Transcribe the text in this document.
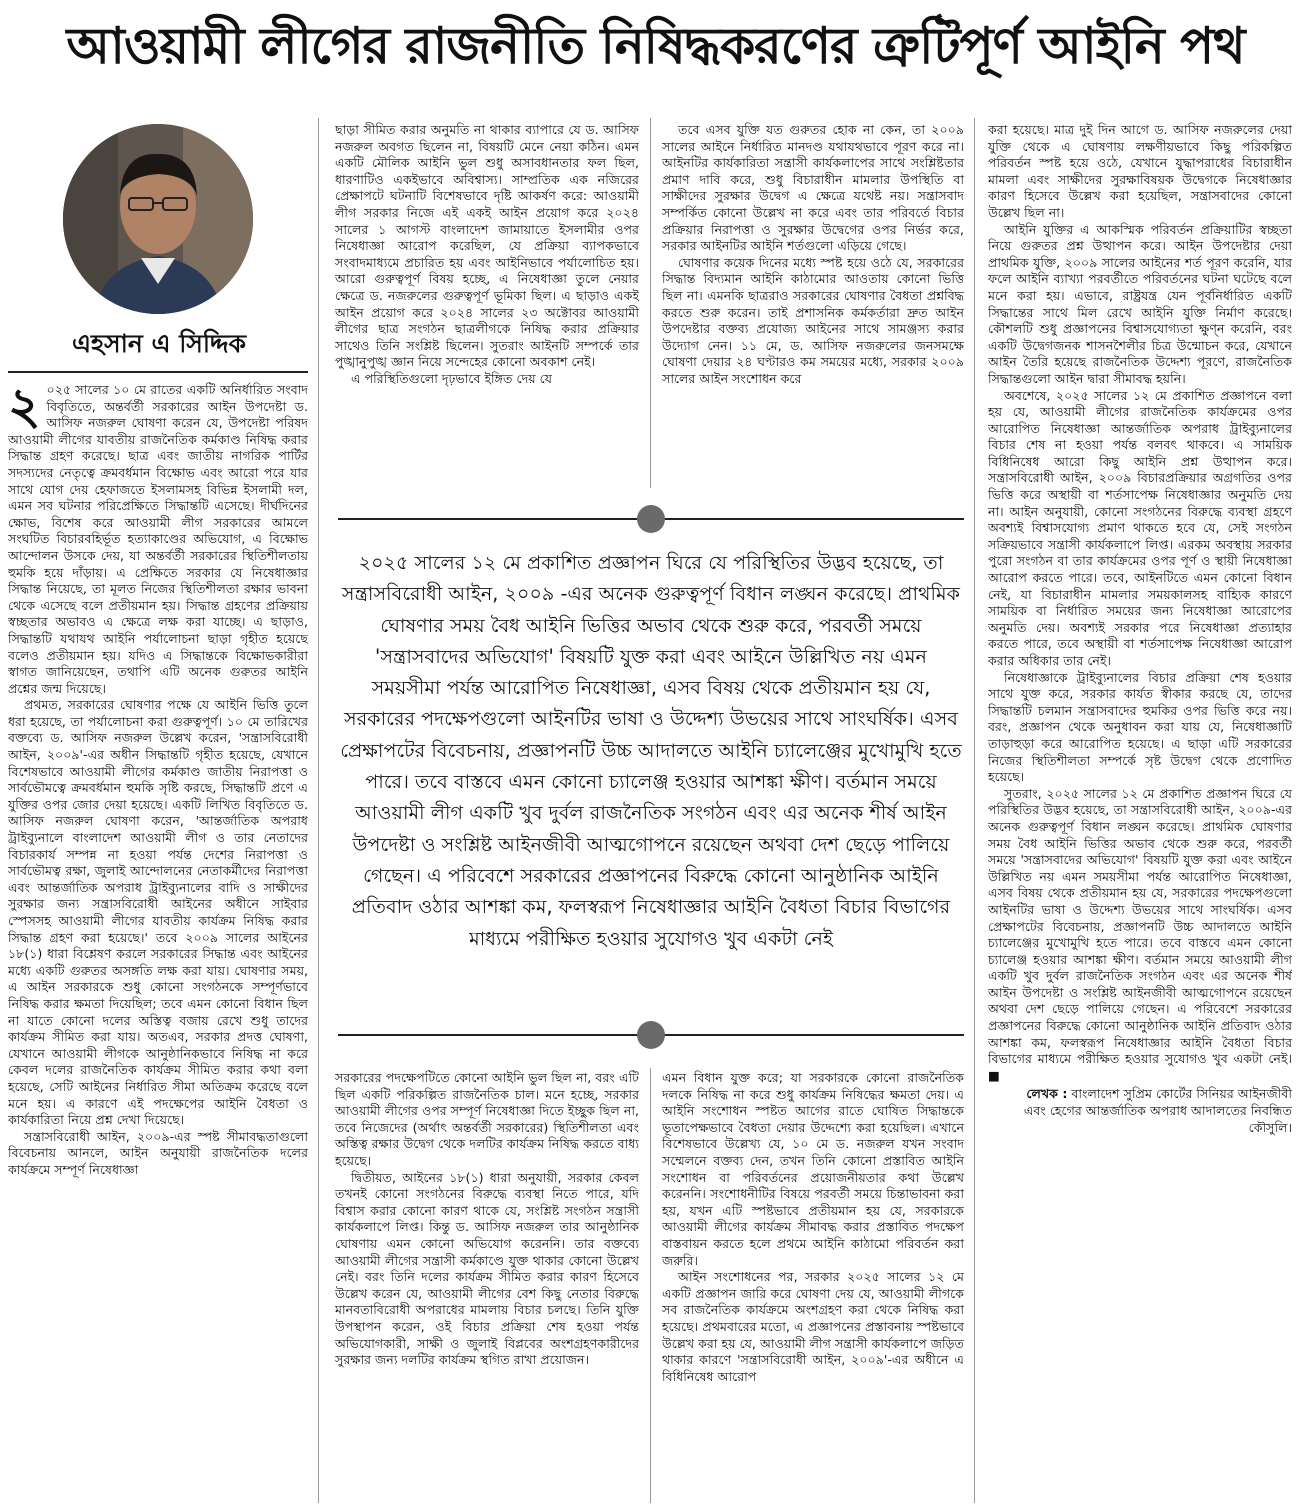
আওয়ামী লীগের রাজনীতি নিষিদ্ধকরণের ত্রুটিপূর্ণ আইনি পথ
এহসান এ সিদ্দিক

২ ০২৫ সালের ১০ মে রাতের একটি অনির্ধারিত সংবাদ বিবৃতিতে, অন্তর্বর্তী সরকারের আইন উপদেষ্টা ড. আসিফ নজরুল ঘোষণা করেন যে, উপদেষ্টা পরিষদ আওয়ামী লীগের যাবতীয় রাজনৈতিক কর্মকাণ্ড নিষিদ্ধ করার সিদ্ধান্ত গ্রহণ করেছে। ছাত্র এবং জাতীয় নাগরিক পার্টির সদস্যদের নেতৃত্বে ক্রমবর্ধমান বিক্ষোভ এবং আরো পরে যার সাথে যোগ দেয় হেফাজতে ইসলামসহ বিভিন্ন ইসলামী দল, এমন সব ঘটনার পরিপ্রেক্ষিতে সিদ্ধান্তটি এসেছে। দীর্ঘদিনের ক্ষোভ, বিশেষ করে আওয়ামী লীগ সরকারের আমলে সংঘটিত বিচারবহির্ভূত হত্যাকাণ্ডের অভিযোগ, এ বিক্ষোভ আন্দোলন উসকে দেয়, যা অন্তর্বর্তী সরকারের স্থিতিশীলতায় হুমকি হয়ে দাঁড়ায়। এ প্রেক্ষিতে সরকার যে নিষেধাজ্ঞার সিদ্ধান্ত নিয়েছে, তা মূলত নিজের স্থিতিশীলতা রক্ষার ভাবনা থেকে এসেছে বলে প্রতীয়মান হয়। সিদ্ধান্ত গ্রহণের প্রক্রিয়ায় স্বচ্ছতার অভাবও এ ক্ষেত্রে লক্ষ করা যাচ্ছে। এ ছাড়াও, সিদ্ধান্তটি যথাযথ আইনি পর্যালোচনা ছাড়া গৃহীত হয়েছে বলেও প্রতীয়মান হয়। যদিও এ সিদ্ধান্তকে বিক্ষোভকারীরা স্বাগত জানিয়েছেন, তথাপি এটি অনেক গুরুতর আইনি প্রশ্নের জন্ম দিয়েছে।

প্রথমত, সরকারের ঘোষণার পক্ষে যে আইনি ভিত্তি তুলে ধরা হয়েছে, তা পর্যালোচনা করা গুরুত্বপূর্ণ। ১০ মে তারিখের বক্তব্যে ড. আসিফ নজরুল উল্লেখ করেন, 'সন্ত্রাসবিরোধী আইন, ২০০৯'-এর অধীন সিদ্ধান্তটি গৃহীত হয়েছে, যেখানে বিশেষভাবে আওয়ামী লীগের কর্মকাণ্ড জাতীয় নিরাপত্তা ও সার্বভৌমত্বে ক্রমবর্ধমান হুমকি সৃষ্টি করছে, সিদ্ধান্তটি প্রণে এ যুক্তির ওপর জোর দেয়া হয়েছে। একটি লিখিত বিবৃতিতে ড. আসিফ নজরুল ঘোষণা করেন, 'আন্তর্জাতিক অপরাধ ট্রাইব্যুনালে বাংলাদেশ আওয়ামী লীগ ও তার নেতাদের বিচারকার্য সম্পন্ন না হওয়া পর্যন্ত দেশের নিরাপত্তা ও সার্বভৌমত্ব রক্ষা, জুলাই আন্দোলনের নেতাকর্মীদের নিরাপত্তা এবং আন্তর্জাতিক অপরাধ ট্রাইব্যুনালের বাদি ও সাক্ষীদের সুরক্ষার জন্য সন্ত্রাসবিরোধী আইনের অধীনে সাইবার স্পেসসহ আওয়ামী লীগের যাবতীয় কার্যক্রম নিষিদ্ধ করার সিদ্ধান্ত গ্রহণ করা হয়েছে।' তবে ২০০৯ সালের আইনের ১৮(১) ধারা বিশ্লেষণ করলে সরকারের সিদ্ধান্ত এবং আইনের মধ্যে একটি গুরুতর অসঙ্গতি লক্ষ করা যায়। ঘোষণার সময়, এ আইন সরকারকে শুধু কোনো সংগঠনকে সম্পূর্ণভাবে নিষিদ্ধ করার ক্ষমতা দিয়েছিল; তবে এমন কোনো বিধান ছিল না যাতে কোনো দলের অস্তিত্ব বজায় রেখে শুধু তাদের কার্যক্রম সীমিত করা যায়। অতএব, সরকার প্রদত্ত ঘোষণা, যেখানে আওয়ামী লীগকে আনুষ্ঠানিকভাবে নিষিদ্ধ না করে কেবল দলের রাজনৈতিক কার্যক্রম সীমিত করার কথা বলা হয়েছে, সেটি আইনের নির্ধারিত সীমা অতিক্রম করেছে বলে মনে হয়। এ কারণে এই পদক্ষেপের আইনি বৈধতা ও কার্যকারিতা নিয়ে প্রশ্ন দেখা দিয়েছে।

সন্ত্রাসবিরোধী আইন, ২০০৯-এর স্পষ্ট সীমাবদ্ধতাগুলো বিবেচনায় আনলে, আইন অনুযায়ী রাজনৈতিক দলের কার্যক্রমে সম্পূর্ণ নিষেধাজ্ঞা

ছাড়া সীমিত করার অনুমতি না থাকার ব্যাপারে যে ড. আসিফ নজরুল অবগত ছিলেন না, বিষয়টি মেনে নেয়া কঠিন। এমন একটি মৌলিক আইনি ভুল শুধু অসাবধানতার ফল ছিল, ধারণাটিও একইভাবে অবিশ্বাস্য। সাম্প্রতিক এক নজিরের প্রেক্ষাপটে ঘটনাটি বিশেষভাবে দৃষ্টি আকর্ষণ করে: আওয়ামী লীগ সরকার নিজে এই একই আইন প্রয়োগ করে ২০২৪ সালের ১ আগস্ট বাংলাদেশ জামায়াতে ইসলামীর ওপর নিষেধাজ্ঞা আরোপ করেছিল, যে প্রক্রিয়া ব্যাপকভাবে সংবাদমাধ্যমে প্রচারিত হয় এবং আইনিভাবে পর্যালোচিত হয়। আরো গুরুত্বপূর্ণ বিষয় হচ্ছে, এ নিষেধাজ্ঞা তুলে নেয়ার ক্ষেত্রে ড. নজরুলের গুরুত্বপূর্ণ ভূমিকা ছিল। এ ছাড়াও একই আইন প্রয়োগ করে ২০২৪ সালের ২৩ অক্টোবর আওয়ামী লীগের ছাত্র সংগঠন ছাত্রলীগকে নিষিদ্ধ করার প্রক্রিয়ার সাথেও তিনি সংশ্লিষ্ট ছিলেন। সুতরাং আইনটি সম্পর্কে তার পুঙ্খানুপুঙ্খ জ্ঞান নিয়ে সন্দেহের কোনো অবকাশ নেই।

এ পরিস্থিতিগুলো দৃঢ়ভাবে ইঙ্গিত দেয় যে

তবে এসব যুক্তি যত গুরুতর হোক না কেন, তা ২০০৯ সালের আইনে নির্ধারিত মানদণ্ড যথাযথভাবে পূরণ করে না। আইনটির কার্যকারিতা সন্ত্রাসী কার্যকলাপের সাথে সংশ্লিষ্টতার প্রমাণ দাবি করে, শুধু বিচারাধীন মামলার উপস্থিতি বা সাক্ষীদের সুরক্ষার উদ্বেগ এ ক্ষেত্রে যথেষ্ট নয়। সন্ত্রাসবাদ সম্পর্কিত কোনো উল্লেখ না করে এবং তার পরিবর্তে বিচার প্রক্রিয়ার নিরাপত্তা ও সুরক্ষার উদ্বেগের ওপর নির্ভর করে, সরকার আইনটির আইনি শর্তগুলো এড়িয়ে গেছে।

ঘোষণার কয়েক দিনের মধ্যে স্পষ্ট হয়ে ওঠে যে, সরকারের সিদ্ধান্ত বিদ্যমান আইনি কাঠামোর আওতায় কোনো ভিত্তি ছিল না। এমনকি ছাত্ররাও সরকারের ঘোষণার বৈধতা প্রশ্নবিদ্ধ করতে শুরু করেন। তাই প্রশাসনিক কর্মকর্তারা দ্রুত আইন উপদেষ্টার বক্তব্য প্রযোজ্য আইনের সাথে সামঞ্জস্য করার উদ্যোগ নেন। ১১ মে, ড. আসিফ নজরুলের জনসমক্ষে ঘোষণা দেয়ার ২৪ ঘণ্টারও কম সময়ের মধ্যে, সরকার ২০০৯ সালের আইন সংশোধন করে

২০২৫ সালের ১২ মে প্রকাশিত প্রজ্ঞাপন ঘিরে যে পরিস্থিতির উদ্ভব হয়েছে, তা সন্ত্রাসবিরোধী আইন, ২০০৯ -এর অনেক গুরুত্বপূর্ণ বিধান লঙ্ঘন করেছে। প্রাথমিক ঘোষণার সময় বৈধ আইনি ভিত্তির অভাব থেকে শুরু করে, পরবর্তী সময়ে 'সন্ত্রাসবাদের অভিযোগ' বিষয়টি যুক্ত করা এবং আইনে উল্লিখিত নয় এমন সময়সীমা পর্যন্ত আরোপিত নিষেধাজ্ঞা, এসব বিষয় থেকে প্রতীয়মান হয় যে, সরকারের পদক্ষেপগুলো আইনটির ভাষা ও উদ্দেশ্য উভয়ের সাথে সাংঘর্ষিক। এসব প্রেক্ষাপটের বিবেচনায়, প্রজ্ঞাপনটি উচ্চ আদালতে আইনি চ্যালেঞ্জের মুখোমুখি হতে পারে। তবে বাস্তবে এমন কোনো চ্যালেঞ্জ হওয়ার আশঙ্কা ক্ষীণ। বর্তমান সময়ে আওয়ামী লীগ একটি খুব দুর্বল রাজনৈতিক সংগঠন এবং এর অনেক শীর্ষ আইন উপদেষ্টা ও সংশ্লিষ্ট আইনজীবী আত্মগোপনে রয়েছেন অথবা দেশ ছেড়ে পালিয়ে গেছেন। এ পরিবেশে সরকারের প্রজ্ঞাপনের বিরুদ্ধে কোনো আনুষ্ঠানিক আইনি প্রতিবাদ ওঠার আশঙ্কা কম, ফলস্বরূপ নিষেধাজ্ঞার আইনি বৈধতা বিচার বিভাগের মাধ্যমে পরীক্ষিত হওয়ার সুযোগও খুব একটা নেই

সরকারের পদক্ষেপটিতে কোনো আইনি ভুল ছিল না, বরং এটি ছিল একটি পরিকল্পিত রাজনৈতিক চাল। মনে হচ্ছে, সরকার আওয়ামী লীগের ওপর সম্পূর্ণ নিষেধাজ্ঞা দিতে ইচ্ছুক ছিল না, তবে নিজেদের (অর্থাৎ অন্তর্বর্তী সরকারের) স্থিতিশীলতা এবং অস্তিত্ব রক্ষার উদ্বেগ থেকে দলটির কার্যক্রম নিষিদ্ধ করতে বাধ্য হয়েছে।

দ্বিতীয়ত, আইনের ১৮(১) ধারা অনুযায়ী, সরকার কেবল তখনই কোনো সংগঠনের বিরুদ্ধে ব্যবস্থা নিতে পারে, যদি বিশ্বাস করার কোনো কারণ থাকে যে, সংশ্লিষ্ট সংগঠন সন্ত্রাসী কার্যকলাপে লিপ্ত। কিন্তু ড. আসিফ নজরুল তার আনুষ্ঠানিক ঘোষণায় এমন কোনো অভিযোগ করেননি। তার বক্তব্যে আওয়ামী লীগের সন্ত্রাসী কর্মকাণ্ডে যুক্ত থাকার কোনো উল্লেখ নেই। বরং তিনি দলের কার্যক্রম সীমিত করার কারণ হিসেবে উল্লেখ করেন যে, আওয়ামী লীগের বেশ কিছু নেতার বিরুদ্ধে মানবতাবিরোধী অপরাধের মামলায় বিচার চলছে। তিনি যুক্তি উপস্থাপন করেন, ওই বিচার প্রক্রিয়া শেষ হওয়া পর্যন্ত অভিযোগকারী, সাক্ষী ও জুলাই বিপ্লবের অংশগ্রহণকারীদের সুরক্ষার জন্য দলটির কার্যক্রম স্থগিত রাখা প্রয়োজন।

এমন বিধান যুক্ত করে; যা সরকারকে কোনো রাজনৈতিক দলকে নিষিদ্ধ না করে শুধু কার্যক্রম নিষিদ্ধের ক্ষমতা দেয়। এ আইনি সংশোধন স্পষ্টত আগের রাতে ঘোষিত সিদ্ধান্তকে ভূতাপেক্ষভাবে বৈধতা দেয়ার উদ্দেশ্যে করা হয়েছিল। এখানে বিশেষভাবে উল্লেখ্য যে, ১০ মে ড. নজরুল যখন সংবাদ সম্মেলনে বক্তব্য দেন, তখন তিনি কোনো প্রস্তাবিত আইনি সংশোধন বা পরিবর্তনের প্রয়োজনীয়তার কথা উল্লেখ করেননি। সংশোধনীটির বিষয়ে পরবর্তী সময়ে চিন্তাভাবনা করা হয়, যখন এটি স্পষ্টভাবে প্রতীয়মান হয় যে, সরকারকে আওয়ামী লীগের কার্যক্রম সীমাবদ্ধ করার প্রস্তাবিত পদক্ষেপ বাস্তবায়ন করতে হলে প্রথমে আইনি কাঠামো পরিবর্তন করা জরুরি।

আইন সংশোধনের পর, সরকার ২০২৫ সালের ১২ মে একটি প্রজ্ঞাপন জারি করে ঘোষণা দেয় যে, আওয়ামী লীগকে সব রাজনৈতিক কার্যক্রমে অংশগ্রহণ করা থেকে নিষিদ্ধ করা হয়েছে। প্রথমবারের মতো, এ প্রজ্ঞাপনের প্রস্তাবনায় স্পষ্টভাবে উল্লেখ করা হয় যে, আওয়ামী লীগ সন্ত্রাসী কার্যকলাপে জড়িত থাকার কারণে 'সন্ত্রাসবিরোধী আইন, ২০০৯'-এর অধীনে এ বিধিনিষেধ আরোপ

করা হয়েছে। মাত্র দুই দিন আগে ড. আসিফ নজরুলের দেয়া যুক্তি থেকে এ ঘোষণায় লক্ষণীয়ভাবে কিছু পরিকল্পিত পরিবর্তন স্পষ্ট হয়ে ওঠে, যেখানে যুদ্ধাপরাধের বিচারাধীন মামলা এবং সাক্ষীদের সুরক্ষাবিষয়ক উদ্বেগকে নিষেধাজ্ঞার কারণ হিসেবে উল্লেখ করা হয়েছিল, সন্ত্রাসবাদের কোনো উল্লেখ ছিল না।

আইনি যুক্তির এ আকস্মিক পরিবর্তন প্রক্রিয়াটির স্বচ্ছতা নিয়ে গুরুতর প্রশ্ন উত্থাপন করে। আইন উপদেষ্টার দেয়া প্রাথমিক যুক্তি, ২০০৯ সালের আইনের শর্ত পূরণ করেনি, যার ফলে আইনি ব্যাখ্যা পরবর্তীতে পরিবর্তনের ঘটনা ঘটেছে বলে মনে করা হয়। এভাবে, রাষ্ট্রযন্ত্র যেন পূর্বনির্ধারিত একটি সিদ্ধান্তের সাথে মিল রেখে আইনি যুক্তি নির্মাণ করেছে। কৌশলটি শুধু প্রজ্ঞাপনের বিশ্বাসযোগ্যতা ক্ষুণ্ন করেনি, বরং একটি উদ্বেগজনক শাসনশৈলীর চিত্র উন্মোচন করে, যেখানে আইন তৈরি হয়েছে রাজনৈতিক উদ্দেশ্য পূরণে, রাজনৈতিক সিদ্ধান্তগুলো আইন দ্বারা সীমাবদ্ধ হয়নি।

অবশেষে, ২০২৫ সালের ১২ মে প্রকাশিত প্রজ্ঞাপনে বলা হয় যে, আওয়ামী লীগের রাজনৈতিক কার্যক্রমের ওপর আরোপিত নিষেধাজ্ঞা আন্তর্জাতিক অপরাধ ট্রাইব্যুনালের বিচার শেষ না হওয়া পর্যন্ত বলবৎ থাকবে। এ সাময়িক বিধিনিষেধ আরো কিছু আইনি প্রশ্ন উত্থাপন করে। সন্ত্রাসবিরোধী আইন, ২০০৯ বিচারপ্রক্রিয়ার অগ্রগতির ওপর ভিত্তি করে অস্থায়ী বা শর্তসাপেক্ষ নিষেধাজ্ঞার অনুমতি দেয় না। আইন অনুযায়ী, কোনো সংগঠনের বিরুদ্ধে ব্যবস্থা গ্রহণে অবশ্যই বিশ্বাসযোগ্য প্রমাণ থাকতে হবে যে, সেই সংগঠন সক্রিয়ভাবে সন্ত্রাসী কার্যকলাপে লিপ্ত। এরকম অবস্থায় সরকার পুরো সংগঠন বা তার কার্যক্রমের ওপর পূর্ণ ও স্থায়ী নিষেধাজ্ঞা আরোপ করতে পারে। তবে, আইনটিতে এমন কোনো বিধান নেই, যা বিচারাধীন মামলার সময়কালসহ বাহ্যিক কারণে সাময়িক বা নির্ধারিত সময়ের জন্য নিষেধাজ্ঞা আরোপের অনুমতি দেয়। অবশ্যই সরকার পরে নিষেধাজ্ঞা প্রত্যাহার করতে পারে, তবে অস্থায়ী বা শর্তসাপেক্ষ নিষেধাজ্ঞা আরোপ করার অধিকার তার নেই।

নিষেধাজ্ঞাকে ট্রাইব্যুনালের বিচার প্রক্রিয়া শেষ হওয়ার সাথে যুক্ত করে, সরকার কার্যত স্বীকার করছে যে, তাদের সিদ্ধান্তটি চলমান সন্ত্রাসবাদের হুমকির ওপর ভিত্তি করে নয়। বরং, প্রজ্ঞাপন থেকে অনুধাবন করা যায় যে, নিষেধাজ্ঞাটি তাড়াহুড়া করে আরোপিত হয়েছে। এ ছাড়া এটি সরকারের নিজের স্থিতিশীলতা সম্পর্কে সৃষ্ট উদ্বেগ থেকে প্রণোদিত হয়েছে।

সুতরাং, ২০২৫ সালের ১২ মে প্রকাশিত প্রজ্ঞাপন ঘিরে যে পরিস্থিতির উদ্ভব হয়েছে, তা সন্ত্রাসবিরোধী আইন, ২০০৯-এর অনেক গুরুত্বপূর্ণ বিধান লঙ্ঘন করেছে। প্রাথমিক ঘোষণার সময় বৈধ আইনি ভিত্তির অভাব থেকে শুরু করে, পরবর্তী সময়ে 'সন্ত্রাসবাদের অভিযোগ' বিষয়টি যুক্ত করা এবং আইনে উল্লিখিত নয় এমন সময়সীমা পর্যন্ত আরোপিত নিষেধাজ্ঞা, এসব বিষয় থেকে প্রতীয়মান হয় যে, সরকারের পদক্ষেপগুলো আইনটির ভাষা ও উদ্দেশ্য উভয়ের সাথে সাংঘর্ষিক। এসব প্রেক্ষাপটের বিবেচনায়, প্রজ্ঞাপনটি উচ্চ আদালতে আইনি চ্যালেঞ্জের মুখোমুখি হতে পারে। তবে বাস্তবে এমন কোনো চ্যালেঞ্জ হওয়ার আশঙ্কা ক্ষীণ। বর্তমান সময়ে আওয়ামী লীগ একটি খুব দুর্বল রাজনৈতিক সংগঠন এবং এর অনেক শীর্ষ আইন উপদেষ্টা ও সংশ্লিষ্ট আইনজীবী আত্মগোপনে রয়েছেন অথবা দেশ ছেড়ে পালিয়ে গেছেন। এ পরিবেশে সরকারের প্রজ্ঞাপনের বিরুদ্ধে কোনো আনুষ্ঠানিক আইনি প্রতিবাদ ওঠার আশঙ্কা কম, ফলস্বরূপ নিষেধাজ্ঞার আইনি বৈধতা বিচার বিভাগের মাধ্যমে পরীক্ষিত হওয়ার সুযোগও খুব একটা নেই। ■

লেখক : বাংলাদেশ সুপ্রিম কোর্টের সিনিয়র আইনজীবী এবং হেগের আন্তর্জাতিক অপরাধ আদালতের নিবন্ধিত কৌসুলি।
